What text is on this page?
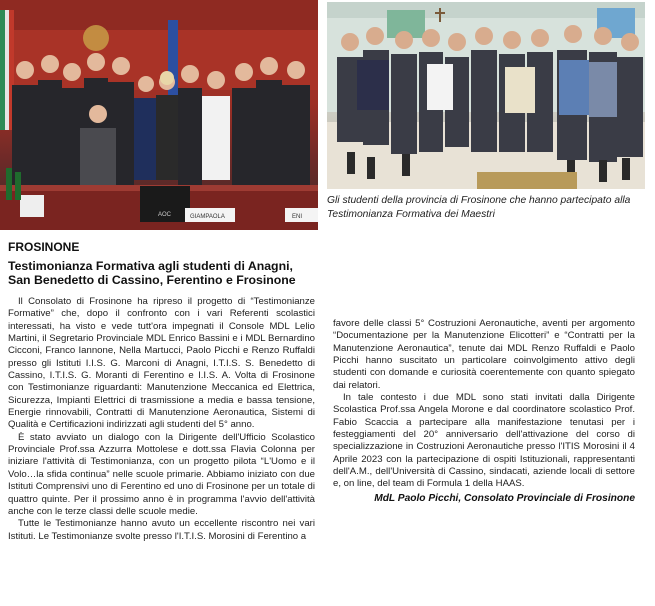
AOC	GIAMPAOLA	ENI
Gli studenti della provincia di Frosinone che hanno partecipato alla Testimonianza Formativa dei Maestri
FROSINONE
Testimonianza Formativa agli studenti di Anagni, San Benedetto di Cassino, Ferentino e Frosinone

Il Consolato di Frosinone ha ripreso il progetto di “Testimonianze Formative” che, dopo il confronto con i vari Referenti scolastici interessati, ha visto e vede tutt'ora impegnati il Console MDL Lelio Martini, il Segretario Provinciale MDL Enrico Bassini e i MDL Bernardino Cicconi, Franco Iannone, Nella Martucci, Paolo Picchi e Renzo Ruffaldi presso gli Istituti I.I.S. G. Marconi di Anagni, I.T.I.S. S. Benedetto di Cassino, I.T.I.S. G. Moranti di Ferentino e I.I.S. A. Volta di Frosinone con Testimonianze riguardanti: Manutenzione Meccanica ed Elettrica, Sicurezza, Impianti Elettrici di trasmissione a media e bassa tensione, Energie rinnovabili, Contratti di Manutenzione Aeronautica, Sistemi di Qualità e Certificazioni indirizzati agli studenti del 5° anno.

È stato avviato un dialogo con la Dirigente dell'Ufficio Scolastico Provinciale Prof.ssa Azzurra Mottolese e dott.ssa Flavia Colonna per iniziare l'attività di Testimonianza, con un progetto pilota “L'Uomo e il Volo…la sfida continua” nelle scuole primarie. Abbiamo iniziato con due Istituti Comprensivi uno di Ferentino ed uno di Frosinone per un totale di quattro quinte. Per il prossimo anno è in programma l'avvio dell'attività anche con le terze classi delle scuole medie.

Tutte le Testimonianze hanno avuto un eccellente riscontro nei vari Istituti. Le Testimonianze svolte presso l'I.T.I.S. Morosini di Ferentino a

favore delle classi 5° Costruzioni Aeronautiche, aventi per argomento “Documentazione per la Manutenzione Elicotteri” e “Contratti per la Manutenzione Aeronautica”, tenute dai MDL Renzo Ruffaldi e Paolo Picchi hanno suscitato un particolare coinvolgimento attivo degli studenti con domande e curiosità coerentemente con quanto spiegato dai relatori.

In tale contesto i due MDL sono stati invitati dalla Dirigente Scolastica Prof.ssa Angela Morone e dal coordinatore scolastico Prof. Fabio Scaccia a partecipare alla manifestazione tenutasi per i festeggiamenti del 20° anniversario dell'attivazione del corso di specializzazione in Costruzioni Aeronautiche presso l'ITIS Morosini il 4 Aprile 2023 con la partecipazione di ospiti Istituzionali, rappresentanti dell'A.M., dell'Università di Cassino, sindacati, aziende locali di settore e, on line, del team di Formula 1 della HAAS.

MdL Paolo Picchi, Consolato Provinciale di Frosinone
